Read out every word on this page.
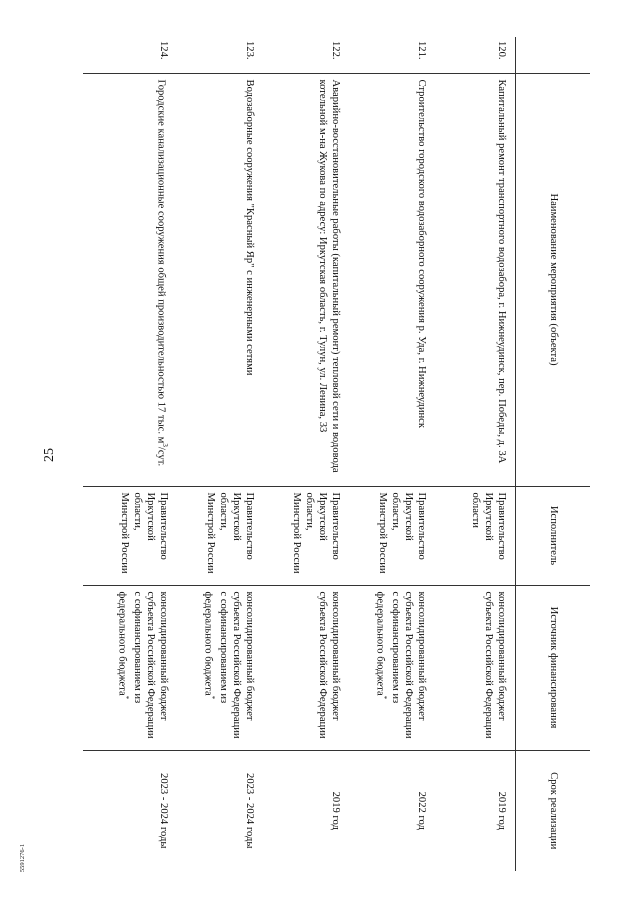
25
5591276-1
	Наименование мероприятия (объекта)	Исполнитель	Источник финансирования	Срок реализации
120.	Капитальный ремонт транспортного водозабора, г. Нижнеудинск, пер. Победы, д. 3А	Правительство Иркутской области	консолидированный бюджет субъекта Российской Федерации	2019 год
121.	Строительство городского водозаборного сооружения р. Уда, г. Нижнеудинск	Правительство Иркутской области, Минстрой России	консолидированный бюджет субъекта Российской Федерации с софинансированием из федерального бюджета*	2022 год
122.	Аварийно-восстановительные работы (капитальный ремонт) тепловой сети и водовода котельной м-на Жукова по адресу: Иркутская область, г. Тулун, ул. Ленина, 33	Правительство Иркутской области, Минстрой России	консолидированный бюджет субъекта Российской Федерации	2019 год
123.	Водозаборные сооружения "Красный Яр" с инженерными сетями	Правительство Иркутской области, Минстрой России	консолидированный бюджет субъекта Российской Федерации с софинансированием из федерального бюджета*	2023 - 2024 годы
124.	Городские канализационные сооружения общей производительностью 17 тыс. $м^3$/сут.	Правительство Иркутской области, Минстрой России	консолидированный бюджет субъекта Российской Федерации с софинансированием из федерального бюджета*	2023 - 2024 годы
